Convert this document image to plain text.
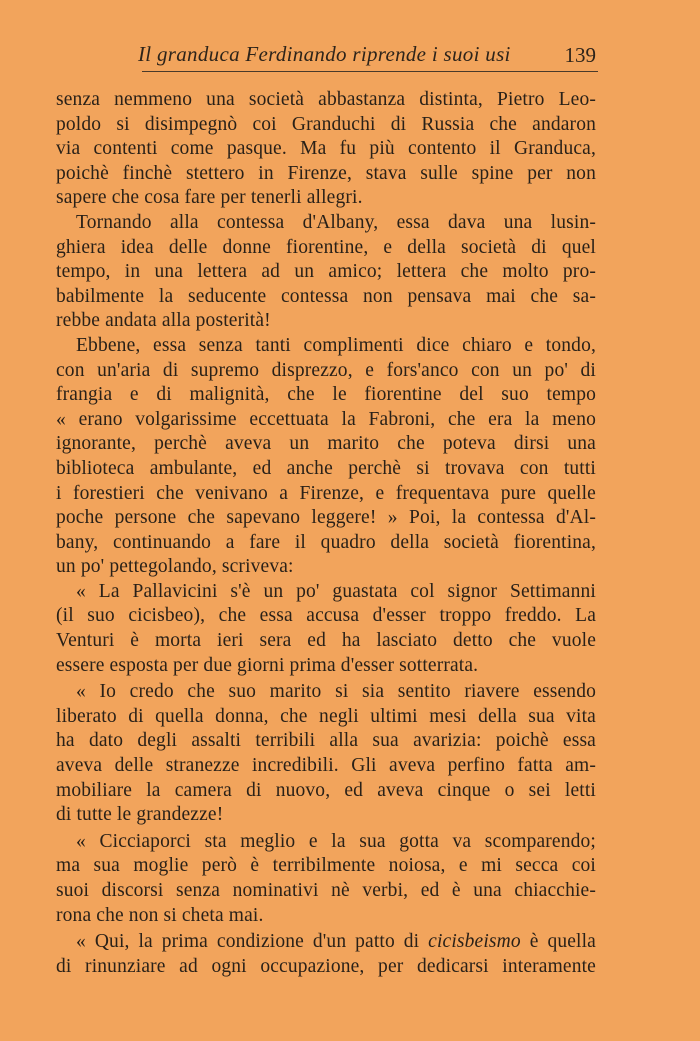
Il granduca Ferdinando riprende i suoi usi	139
senza nemmeno una società abbastanza distinta, Pietro Leo-
poldo si disimpegnò coi Granduchi di Russia che andaron
via contenti come pasque. Ma fu più contento il Granduca,
poichè finchè stettero in Firenze, stava sulle spine per non
sapere che cosa fare per tenerli allegri.
Tornando alla contessa d'Albany, essa dava una lusin-
ghiera idea delle donne fiorentine, e della società di quel
tempo, in una lettera ad un amico; lettera che molto pro-
babilmente la seducente contessa non pensava mai che sa-
rebbe andata alla posterità!
Ebbene, essa senza tanti complimenti dice chiaro e tondo,
con un'aria di supremo disprezzo, e fors'anco con un po' di
frangia e di malignità, che le fiorentine del suo tempo
« erano volgarissime eccettuata la Fabroni, che era la meno
ignorante, perchè aveva un marito che poteva dirsi una
biblioteca ambulante, ed anche perchè si trovava con tutti
i forestieri che venivano a Firenze, e frequentava pure quelle
poche persone che sapevano leggere! » Poi, la contessa d'Al-
bany, continuando a fare il quadro della società fiorentina,
un po' pettegolando, scriveva:
« La Pallavicini s'è un po' guastata col signor Settimanni
(il suo cicisbeo), che essa accusa d'esser troppo freddo. La
Venturi è morta ieri sera ed ha lasciato detto che vuole
essere esposta per due giorni prima d'esser sotterrata.
« Io credo che suo marito si sia sentito riavere essendo
liberato di quella donna, che negli ultimi mesi della sua vita
ha dato degli assalti terribili alla sua avarizia: poichè essa
aveva delle stranezze incredibili. Gli aveva perfino fatta am-
mobiliare la camera di nuovo, ed aveva cinque o sei letti
di tutte le grandezze!
« Cicciaporci sta meglio e la sua gotta va scomparendo;
ma sua moglie però è terribilmente noiosa, e mi secca coi
suoi discorsi senza nominativi nè verbi, ed è una chiacchie-
rona che non si cheta mai.
« Qui, la prima condizione d'un patto di cicisbeismo è quella
di rinunziare ad ogni occupazione, per dedicarsi interamente
